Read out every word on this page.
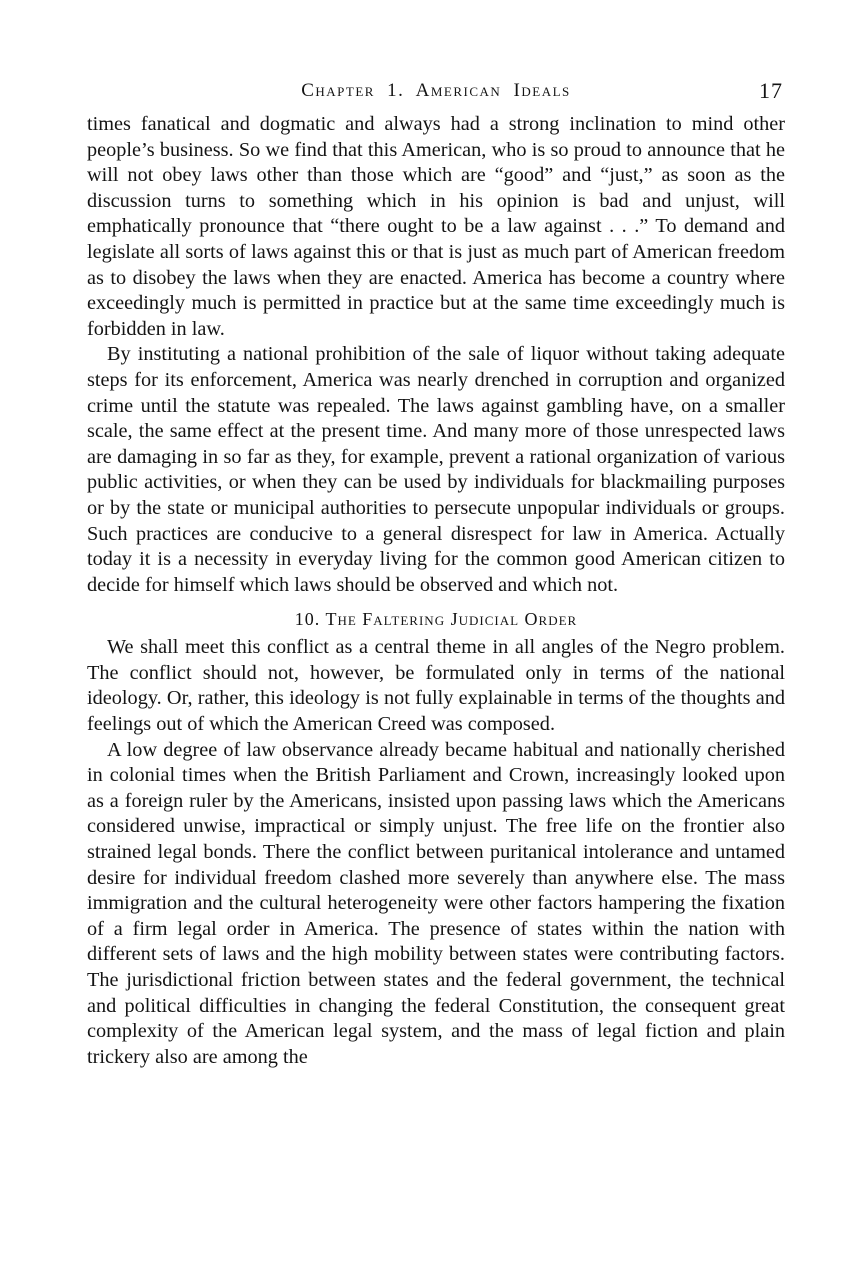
Chapter 1. American Ideals	17

times fanatical and dogmatic and always had a strong inclination to mind other people’s business. So we find that this American, who is so proud to announce that he will not obey laws other than those which are “good” and “just,” as soon as the discussion turns to something which in his opinion is bad and unjust, will emphatically pronounce that “there ought to be a law against . . .” To demand and legislate all sorts of laws against this or that is just as much part of American freedom as to disobey the laws when they are enacted. America has become a country where exceedingly much is permitted in practice but at the same time exceedingly much is forbidden in law.

By instituting a national prohibition of the sale of liquor without taking adequate steps for its enforcement, America was nearly drenched in corruption and organized crime until the statute was repealed. The laws against gambling have, on a smaller scale, the same effect at the present time. And many more of those unrespected laws are damaging in so far as they, for example, prevent a rational organization of various public activities, or when they can be used by individuals for blackmailing purposes or by the state or municipal authorities to persecute unpopular individuals or groups. Such practices are conducive to a general disrespect for law in America. Actually today it is a necessity in everyday living for the common good American citizen to decide for himself which laws should be observed and which not.

10. The Faltering Judicial Order

We shall meet this conflict as a central theme in all angles of the Negro problem. The conflict should not, however, be formulated only in terms of the national ideology. Or, rather, this ideology is not fully explainable in terms of the thoughts and feelings out of which the American Creed was composed.

A low degree of law observance already became habitual and nationally cherished in colonial times when the British Parliament and Crown, increasingly looked upon as a foreign ruler by the Americans, insisted upon passing laws which the Americans considered unwise, impractical or simply unjust. The free life on the frontier also strained legal bonds. There the conflict between puritanical intolerance and untamed desire for individual freedom clashed more severely than anywhere else. The mass immigration and the cultural heterogeneity were other factors hampering the fixation of a firm legal order in America. The presence of states within the nation with different sets of laws and the high mobility between states were contributing factors. The jurisdictional friction between states and the federal government, the technical and political difficulties in changing the federal Constitution, the consequent great complexity of the American legal system, and the mass of legal fiction and plain trickery also are among the
